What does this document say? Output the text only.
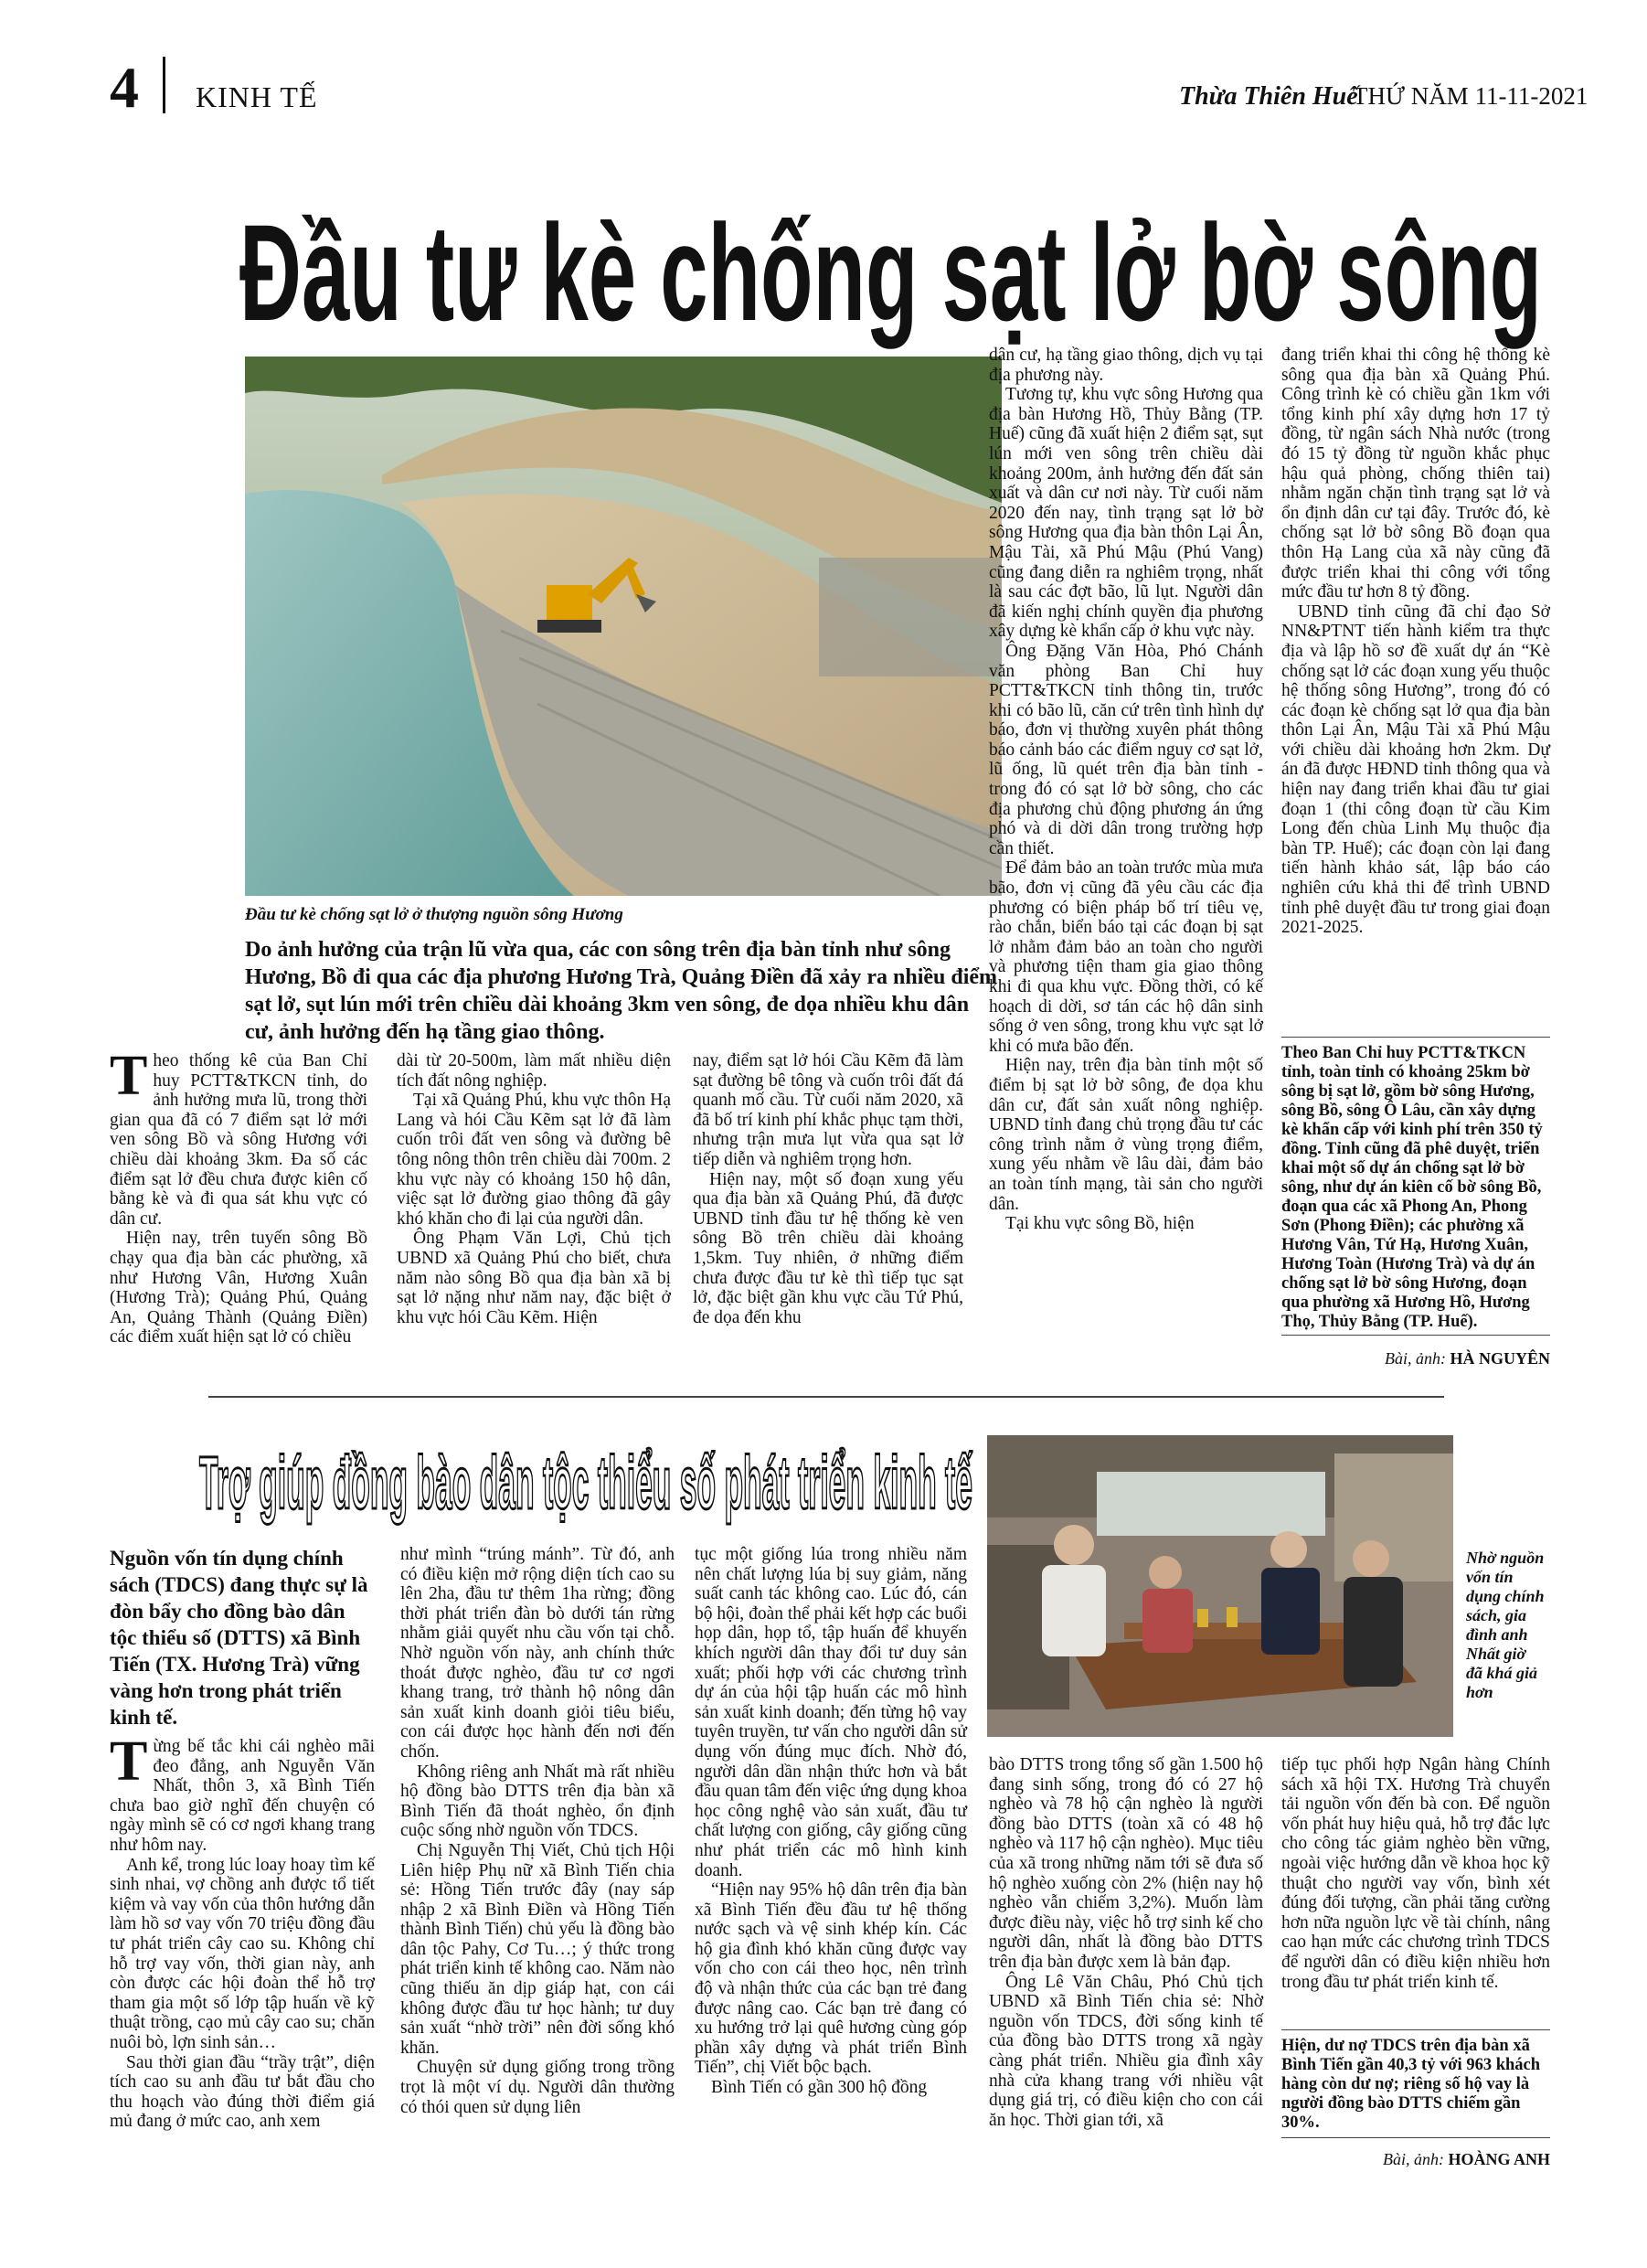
4 KINH TẾ	Thừa Thiên Huế
THỨ NĂM 11-11-2021
Đầu tư kè chống sạt lở bờ sông
Đầu tư kè chống sạt lở ở thượng nguồn sông Hương
Do ảnh hưởng của trận lũ vừa qua, các con sông trên địa bàn tỉnh như sông Hương, Bồ đi qua các địa phương Hương Trà, Quảng Điền đã xảy ra nhiều điểm sạt lở, sụt lún mới trên chiều dài khoảng 3km ven sông, đe dọa nhiều khu dân cư, ảnh hưởng đến hạ tầng giao thông.
T heo thống kê của Ban Chỉ huy PCTT&TKCN tỉnh, do ảnh hưởng mưa lũ, trong thời gian qua đã có 7 điểm sạt lở mới ven sông Bồ và sông Hương với chiều dài khoảng 3km. Đa số các điểm sạt lở đều chưa được kiên cố bằng kè và đi qua sát khu vực có dân cư.

Hiện nay, trên tuyến sông Bồ chạy qua địa bàn các phường, xã như Hương Vân, Hương Xuân (Hương Trà); Quảng Phú, Quảng An, Quảng Thành (Quảng Điền) các điểm xuất hiện sạt lở có chiều

dài từ 20-500m, làm mất nhiều diện tích đất nông nghiệp.

Tại xã Quảng Phú, khu vực thôn Hạ Lang và hói Cầu Kẽm sạt lở đã làm cuốn trôi đất ven sông và đường bê tông nông thôn trên chiều dài 700m. 2 khu vực này có khoảng 150 hộ dân, việc sạt lở đường giao thông đã gây khó khăn cho đi lại của người dân.

Ông Phạm Văn Lợi, Chủ tịch UBND xã Quảng Phú cho biết, chưa năm nào sông Bồ qua địa bàn xã bị sạt lở nặng như năm nay, đặc biệt ở khu vực hói Cầu Kẽm. Hiện

nay, điểm sạt lở hói Cầu Kẽm đã làm sạt đường bê tông và cuốn trôi đất đá quanh mố cầu. Từ cuối năm 2020, xã đã bố trí kinh phí khắc phục tạm thời, nhưng trận mưa lụt vừa qua sạt lở tiếp diễn và nghiêm trọng hơn.

Hiện nay, một số đoạn xung yếu qua địa bàn xã Quảng Phú, đã được UBND tỉnh đầu tư hệ thống kè ven sông Bồ trên chiều dài khoảng 1,5km. Tuy nhiên, ở những điểm chưa được đầu tư kè thì tiếp tục sạt lở, đặc biệt gần khu vực cầu Tứ Phú, đe dọa đến khu

dân cư, hạ tầng giao thông, dịch vụ tại địa phương này.

Tương tự, khu vực sông Hương qua địa bàn Hương Hồ, Thủy Bằng (TP. Huế) cũng đã xuất hiện 2 điểm sạt, sụt lún mới ven sông trên chiều dài khoảng 200m, ảnh hưởng đến đất sản xuất và dân cư nơi này. Từ cuối năm 2020 đến nay, tình trạng sạt lở bờ sông Hương qua địa bàn thôn Lại Ân, Mậu Tài, xã Phú Mậu (Phú Vang) cũng đang diễn ra nghiêm trọng, nhất là sau các đợt bão, lũ lụt. Người dân đã kiến nghị chính quyền địa phương xây dựng kè khẩn cấp ở khu vực này.

Ông Đặng Văn Hòa, Phó Chánh văn phòng Ban Chỉ huy PCTT&TKCN tỉnh thông tin, trước khi có bão lũ, căn cứ trên tình hình dự báo, đơn vị thường xuyên phát thông báo cảnh báo các điểm nguy cơ sạt lở, lũ ống, lũ quét trên địa bàn tỉnh - trong đó có sạt lở bờ sông, cho các địa phương chủ động phương án ứng phó và di dời dân trong trường hợp cần thiết.

Để đảm bảo an toàn trước mùa mưa bão, đơn vị cũng đã yêu cầu các địa phương có biện pháp bố trí tiêu vẹ, rào chắn, biển báo tại các đoạn bị sạt lở nhằm đảm bảo an toàn cho người và phương tiện tham gia giao thông khi đi qua khu vực. Đồng thời, có kế hoạch di dời, sơ tán các hộ dân sinh sống ở ven sông, trong khu vực sạt lở khi có mưa bão đến.

Hiện nay, trên địa bàn tỉnh một số điểm bị sạt lở bờ sông, đe dọa khu dân cư, đất sản xuất nông nghiệp. UBND tỉnh đang chủ trọng đầu tư các công trình nằm ở vùng trọng điểm, xung yếu nhằm về lâu dài, đảm bảo an toàn tính mạng, tài sản cho người dân.

Tại khu vực sông Bồ, hiện

đang triển khai thi công hệ thống kè sông qua địa bàn xã Quảng Phú. Công trình kè có chiều gần 1km với tổng kinh phí xây dựng hơn 17 tỷ đồng, từ ngân sách Nhà nước (trong đó 15 tỷ đồng từ nguồn khắc phục hậu quả phòng, chống thiên tai) nhằm ngăn chặn tình trạng sạt lở và ổn định dân cư tại đây. Trước đó, kè chống sạt lở bờ sông Bồ đoạn qua thôn Hạ Lang của xã này cũng đã được triển khai thi công với tổng mức đầu tư hơn 8 tỷ đồng.

UBND tỉnh cũng đã chỉ đạo Sở NN&PTNT tiến hành kiểm tra thực địa và lập hồ sơ đề xuất dự án “Kè chống sạt lở các đoạn xung yếu thuộc hệ thống sông Hương”, trong đó có các đoạn kè chống sạt lở qua địa bàn thôn Lại Ân, Mậu Tài xã Phú Mậu với chiều dài khoảng hơn 2km. Dự án đã được HĐND tỉnh thông qua và hiện nay đang triển khai đầu tư giai đoạn 1 (thi công đoạn từ cầu Kim Long đến chùa Linh Mụ thuộc địa bàn TP. Huế); các đoạn còn lại đang tiến hành khảo sát, lập báo cáo nghiên cứu khả thi để trình UBND tỉnh phê duyệt đầu tư trong giai đoạn 2021-2025.

Theo Ban Chỉ huy PCTT&TKCN tỉnh, toàn tỉnh có khoảng 25km bờ sông bị sạt lở, gồm bờ sông Hương, sông Bồ, sông Ô Lâu, cần xây dựng kè khẩn cấp với kinh phí trên 350 tỷ đồng. Tỉnh cũng đã phê duyệt, triển khai một số dự án chống sạt lở bờ sông, như dự án kiên cố bờ sông Bồ, đoạn qua các xã Phong An, Phong Sơn (Phong Điền); các phường xã Hương Vân, Tứ Hạ, Hương Xuân, Hương Toàn (Hương Trà) và dự án chống sạt lở bờ sông Hương, đoạn qua phường xã Hương Hồ, Hương Thọ, Thủy Bằng (TP. Huế).
Bài, ảnh: HÀ NGUYÊN
Trợ giúp đồng bào dân tộc thiểu số phát triển kinh tế
Nhờ nguồn vốn tín dụng chính sách, gia đình anh Nhất giờ đã khá giả hơn
Nguồn vốn tín dụng chính sách (TDCS) đang thực sự là đòn bẩy cho đồng bào dân tộc thiểu số (DTTS) xã Bình Tiến (TX. Hương Trà) vững vàng hơn trong phát triển kinh tế.
T ừng bế tắc khi cái nghèo mãi đeo đẳng, anh Nguyễn Văn Nhất, thôn 3, xã Bình Tiến chưa bao giờ nghĩ đến chuyện có ngày mình sẽ có cơ ngơi khang trang như hôm nay.

Anh kể, trong lúc loay hoay tìm kế sinh nhai, vợ chồng anh được tổ tiết kiệm và vay vốn của thôn hướng dẫn làm hồ sơ vay vốn 70 triệu đồng đầu tư phát triển cây cao su. Không chỉ hỗ trợ vay vốn, thời gian này, anh còn được các hội đoàn thể hỗ trợ tham gia một số lớp tập huấn về kỹ thuật trồng, cạo mủ cây cao su; chăn nuôi bò, lợn sinh sản…

Sau thời gian đầu “trầy trật”, diện tích cao su anh đầu tư bắt đầu cho thu hoạch vào đúng thời điểm giá mủ đang ở mức cao, anh xem

như mình “trúng mánh”. Từ đó, anh có điều kiện mở rộng diện tích cao su lên 2ha, đầu tư thêm 1ha rừng; đồng thời phát triển đàn bò dưới tán rừng nhằm giải quyết nhu cầu vốn tại chỗ. Nhờ nguồn vốn này, anh chính thức thoát được nghèo, đầu tư cơ ngơi khang trang, trở thành hộ nông dân sản xuất kinh doanh giỏi tiêu biểu, con cái được học hành đến nơi đến chốn.

Không riêng anh Nhất mà rất nhiều hộ đồng bào DTTS trên địa bàn xã Bình Tiến đã thoát nghèo, ổn định cuộc sống nhờ nguồn vốn TDCS.

Chị Nguyễn Thị Viết, Chủ tịch Hội Liên hiệp Phụ nữ xã Bình Tiến chia sẻ: Hồng Tiến trước đây (nay sáp nhập 2 xã Bình Điền và Hồng Tiến thành Bình Tiến) chủ yếu là đồng bào dân tộc Pahy, Cơ Tu…; ý thức trong phát triển kinh tế không cao. Năm nào cũng thiếu ăn dịp giáp hạt, con cái không được đầu tư học hành; tư duy sản xuất “nhờ trời” nên đời sống khó khăn.

Chuyện sử dụng giống trong trồng trọt là một ví dụ. Người dân thường có thói quen sử dụng liên

tục một giống lúa trong nhiều năm nên chất lượng lúa bị suy giảm, năng suất canh tác không cao. Lúc đó, cán bộ hội, đoàn thể phải kết hợp các buổi họp dân, họp tổ, tập huấn để khuyến khích người dân thay đổi tư duy sản xuất; phối hợp với các chương trình dự án của hội tập huấn các mô hình sản xuất kinh doanh; đến từng hộ vay tuyên truyền, tư vấn cho người dân sử dụng vốn đúng mục đích. Nhờ đó, người dân dần nhận thức hơn và bắt đầu quan tâm đến việc ứng dụng khoa học công nghệ vào sản xuất, đầu tư chất lượng con giống, cây giống cũng như phát triển các mô hình kinh doanh.

“Hiện nay 95% hộ dân trên địa bàn xã Bình Tiến đều đầu tư hệ thống nước sạch và vệ sinh khép kín. Các hộ gia đình khó khăn cũng được vay vốn cho con cái theo học, nên trình độ và nhận thức của các bạn trẻ đang được nâng cao. Các bạn trẻ đang có xu hướng trở lại quê hương cùng góp phần xây dựng và phát triển Bình Tiến”, chị Viết bộc bạch.

Bình Tiến có gần 300 hộ đồng

bào DTTS trong tổng số gần 1.500 hộ đang sinh sống, trong đó có 27 hộ nghèo và 78 hộ cận nghèo là người đồng bào DTTS (toàn xã có 48 hộ nghèo và 117 hộ cận nghèo). Mục tiêu của xã trong những năm tới sẽ đưa số hộ nghèo xuống còn 2% (hiện nay hộ nghèo vẫn chiếm 3,2%). Muốn làm được điều này, việc hỗ trợ sinh kế cho người dân, nhất là đồng bào DTTS trên địa bàn được xem là bản đạp.

Ông Lê Văn Châu, Phó Chủ tịch UBND xã Bình Tiến chia sẻ: Nhờ nguồn vốn TDCS, đời sống kinh tế của đồng bào DTTS trong xã ngày càng phát triển. Nhiều gia đình xây nhà cửa khang trang với nhiều vật dụng giá trị, có điều kiện cho con cái ăn học. Thời gian tới, xã

tiếp tục phối hợp Ngân hàng Chính sách xã hội TX. Hương Trà chuyển tải nguồn vốn đến bà con. Để nguồn vốn phát huy hiệu quả, hỗ trợ đắc lực cho công tác giảm nghèo bền vững, ngoài việc hướng dẫn về khoa học kỹ thuật cho người vay vốn, bình xét đúng đối tượng, cần phải tăng cường hơn nữa nguồn lực về tài chính, nâng cao hạn mức các chương trình TDCS để người dân có điều kiện nhiều hơn trong đầu tư phát triển kinh tế.

Hiện, dư nợ TDCS trên địa bàn xã Bình Tiến gần 40,3 tỷ với 963 khách hàng còn dư nợ; riêng số hộ vay là người đồng bào DTTS chiếm gần 30%.
Bài, ảnh: HOÀNG ANH
